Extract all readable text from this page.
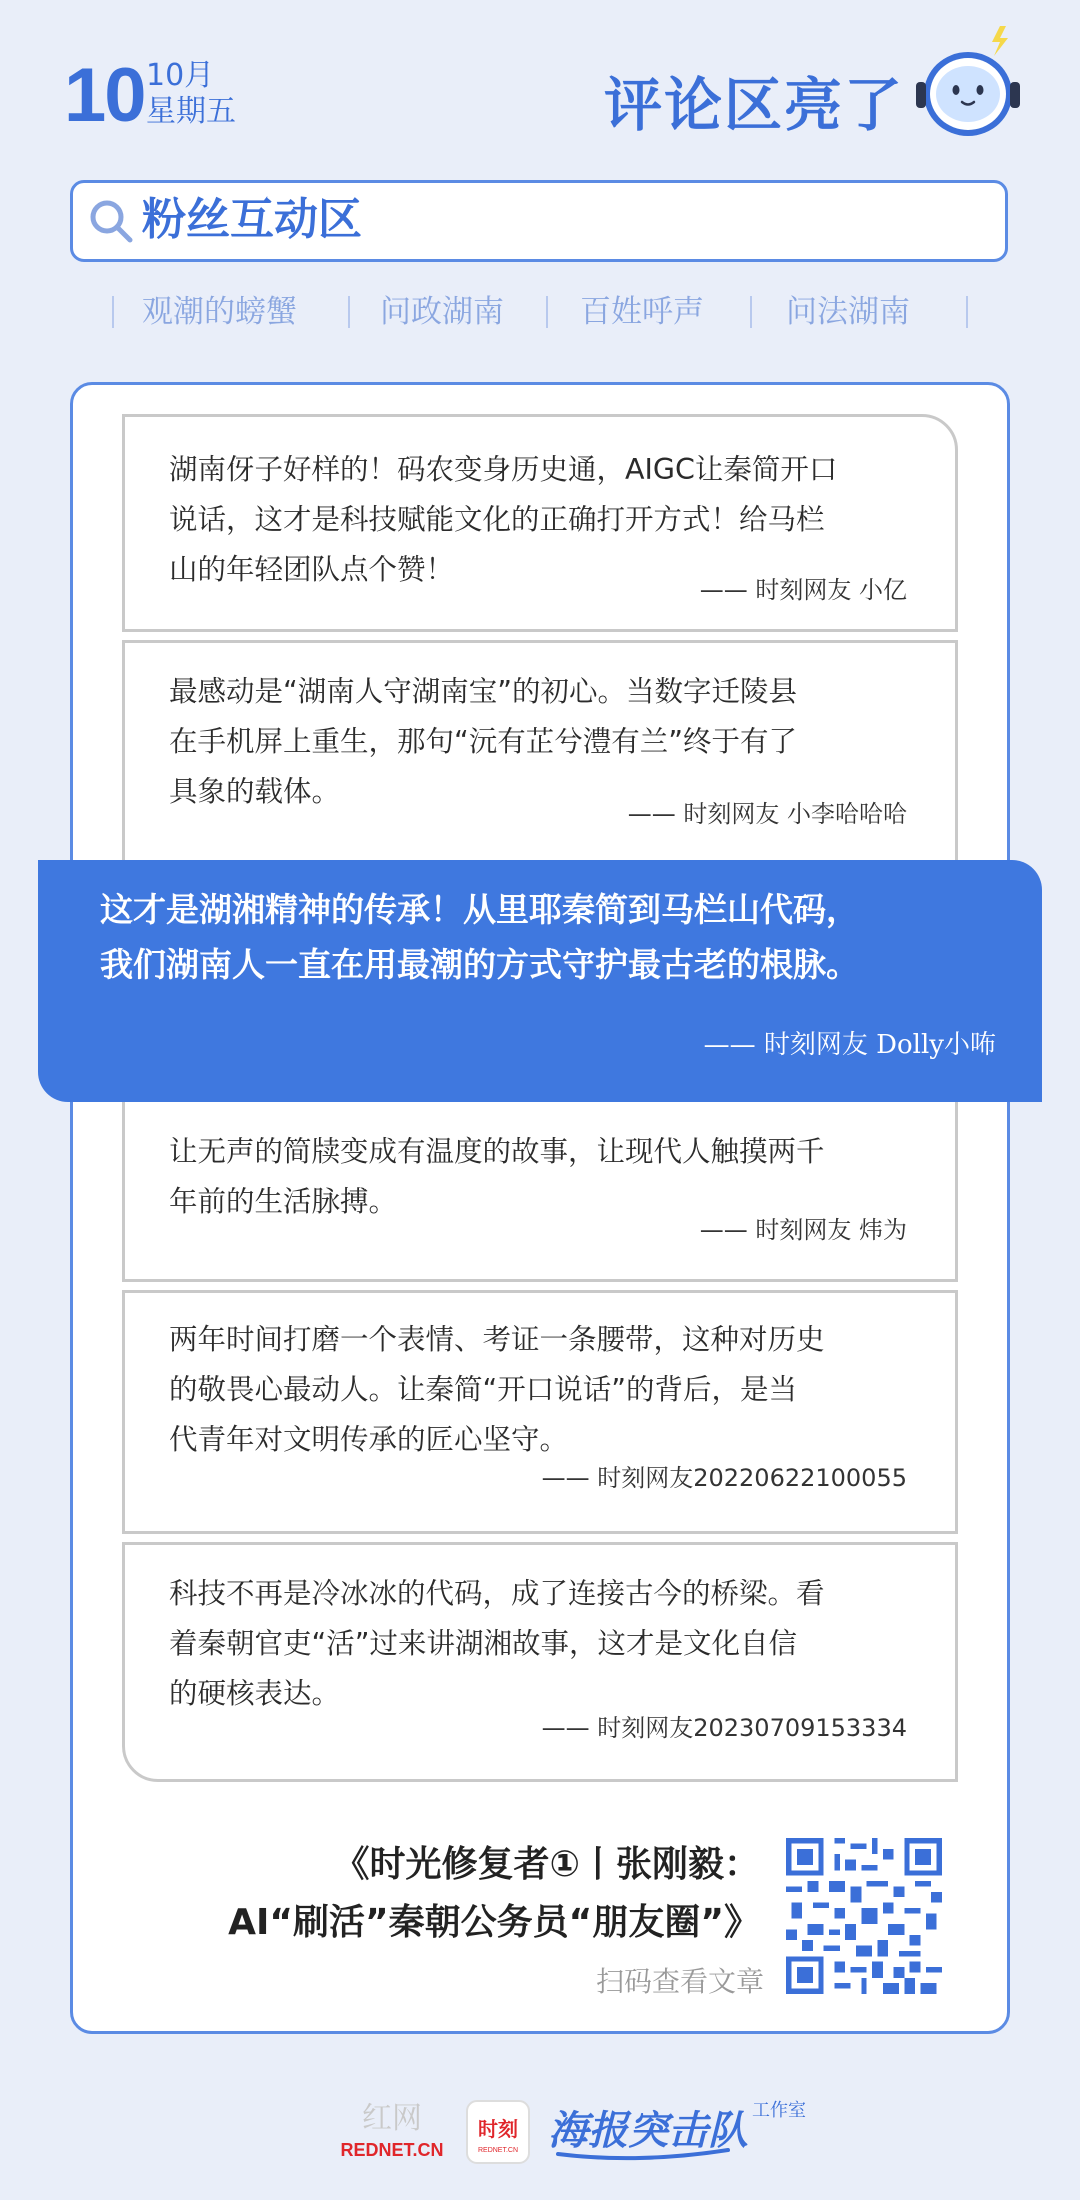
10 10月
星期五	评论区亮了
粉丝互动区
观潮的螃蟹	问政湖南 百姓呼声	问法湖南
湖南伢子好样的！码农变身历史通，AIGC让秦简开口
说话，这才是科技赋能文化的正确打开方式！给马栏
山的年轻团队点个赞！
—— 时刻网友 小亿
最感动是“湖南人守湖南宝”的初心。当数字迁陵县
在手机屏上重生，那句“沅有芷兮澧有兰”终于有了
具象的载体。
—— 时刻网友 小李哈哈哈
让无声的简牍变成有温度的故事，让现代人触摸两千
年前的生活脉搏。
—— 时刻网友 炜为
这才是湖湘精神的传承！从里耶秦简到马栏山代码，
我们湖南人一直在用最潮的方式守护最古老的根脉。
—— 时刻网友 Dolly小咘
两年时间打磨一个表情、考证一条腰带，这种对历史
的敬畏心最动人。让秦简“开口说话”的背后，是当
代青年对文明传承的匠心坚守。
—— 时刻网友20220622100055
科技不再是冷冰冰的代码，成了连接古今的桥梁。看
着秦朝官吏“活”过来讲湖湘故事，这才是文化自信
的硬核表达。
—— 时刻网友20230709153334
《时光修复者①丨张刚毅：
AI“刷活”秦朝公务员“朋友圈”》
扫码查看文章
红网
REDNET.CN
时刻
REDNET.CN 海报突击队 工作室
